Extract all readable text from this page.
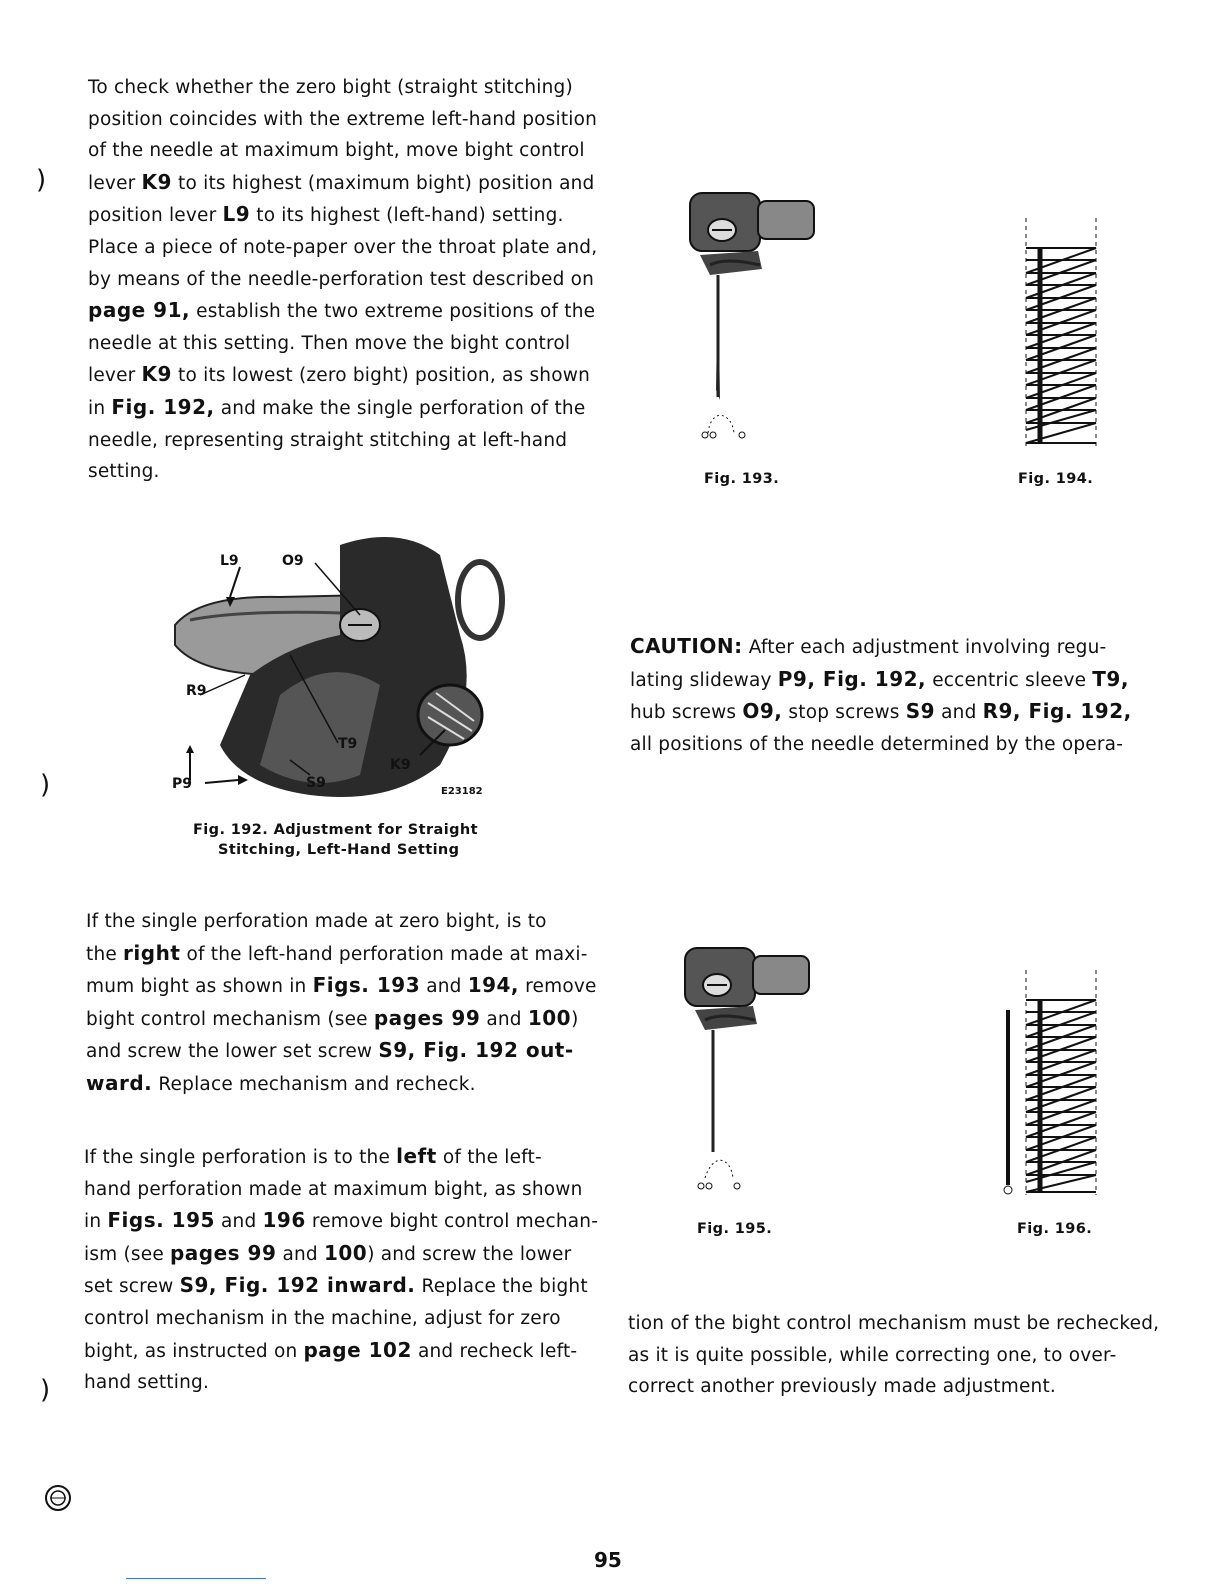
To check whether the zero bight (straight stitching)
position coincides with the extreme left-hand position
of the needle at maximum bight, move bight control
lever K9 to its highest (maximum bight) position and
position lever L9 to its highest (left-hand) setting.
Place a piece of note-paper over the throat plate and,
by means of the needle-perforation test described on
page 91, establish the two extreme positions of the
needle at this setting. Then move the bight control
lever K9 to its lowest (zero bight) position, as shown
in Fig. 192, and make the single perforation of the
needle, representing straight stitching at left-hand
setting.
If the single perforation made at zero bight, is to
the right of the left-hand perforation made at maxi-
mum bight as shown in Figs. 193 and 194, remove
bight control mechanism (see pages 99 and 100)
and screw the lower set screw S9, Fig. 192 out-
ward. Replace mechanism and recheck.
If the single perforation is to the left of the left-
hand perforation made at maximum bight, as shown
in Figs. 195 and 196 remove bight control mechan-
ism (see pages 99 and 100) and screw the lower
set screw S9, Fig. 192 inward. Replace the bight
control mechanism in the machine, adjust for zero
bight, as instructed on page 102 and recheck left-
hand setting.
CAUTION: After each adjustment involving regu-
lating slideway P9, Fig. 192, eccentric sleeve T9,
hub screws O9, stop screws S9 and R9, Fig. 192,
all positions of the needle determined by the opera-
tion of the bight control mechanism must be rechecked,
as it is quite possible, while correcting one, to over-
correct another previously made adjustment.
)
)
)
L9	O9
R9
T9
K9
P9	S9
E23182
Fig. 192. Adjustment for Straight
Stitching, Left-Hand Setting
Fig. 193.	Fig. 194.
Fig. 195.	Fig. 196.
95
